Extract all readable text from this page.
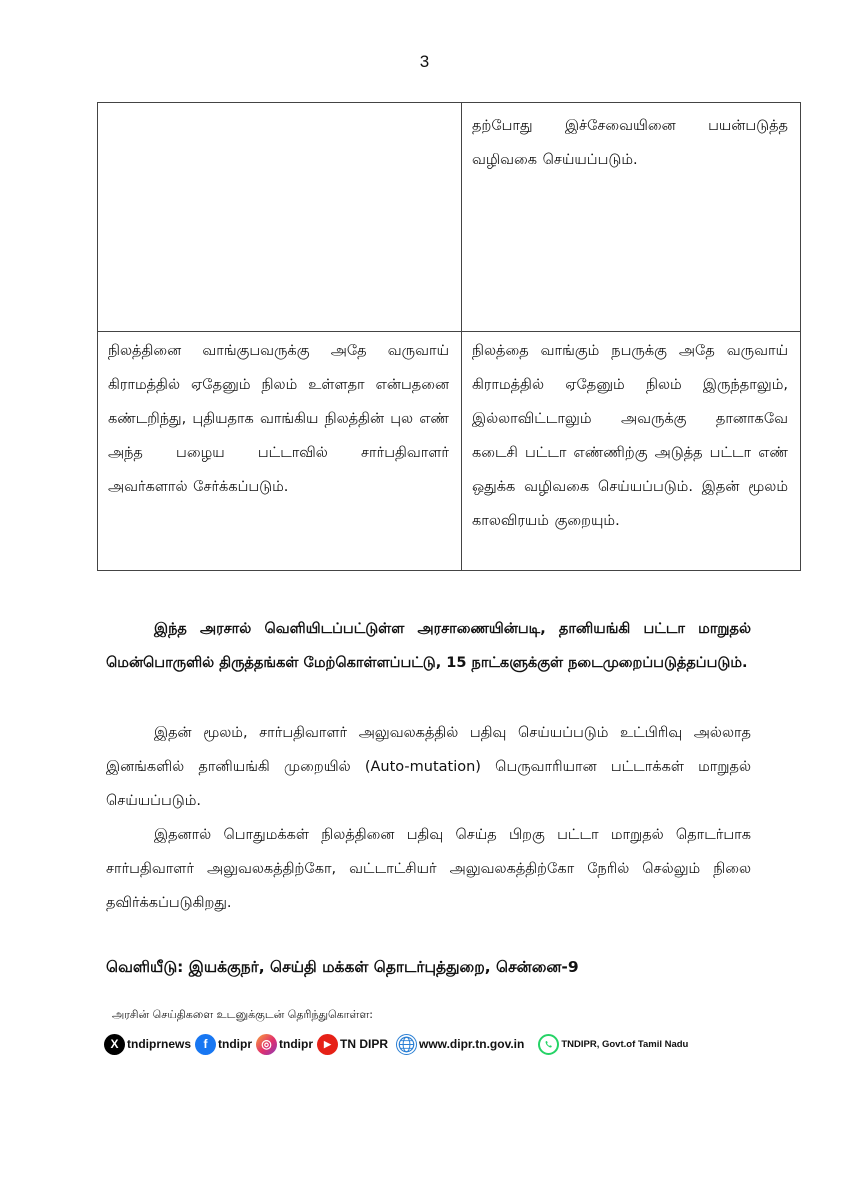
3
	தற்போது இச்சேவையினை பயன்படுத்த வழிவகை செய்யப்படும்.
நிலத்தினை வாங்குபவருக்கு அதே வருவாய் கிராமத்தில் ஏதேனும் நிலம் உள்ளதா என்பதனை கண்டறிந்து, புதியதாக வாங்கிய நிலத்தின் புல எண் அந்த பழைய பட்டாவில் சார்பதிவாளர் அவர்களால் சேர்க்கப்படும்.	நிலத்தை வாங்கும் நபருக்கு அதே வருவாய் கிராமத்தில் ஏதேனும் நிலம் இருந்தாலும், இல்லாவிட்டாலும் அவருக்கு தானாகவே கடைசி பட்டா எண்ணிற்கு அடுத்த பட்டா எண் ஒதுக்க வழிவகை செய்யப்படும். இதன் மூலம் காலவிரயம் குறையும்.
இந்த அரசால் வெளியிடப்பட்டுள்ள அரசாணையின்படி, தானியங்கி பட்டா மாறுதல் மென்பொருளில் திருத்தங்கள் மேற்கொள்ளப்பட்டு, 15 நாட்களுக்குள் நடைமுறைப்படுத்தப்படும்.
இதன் மூலம், சார்பதிவாளர் அலுவலகத்தில் பதிவு செய்யப்படும் உட்பிரிவு அல்லாத இனங்களில் தானியங்கி முறையில் (Auto-mutation) பெருவாரியான பட்டாக்கள் மாறுதல் செய்யப்படும்.
இதனால் பொதுமக்கள் நிலத்தினை பதிவு செய்த பிறகு பட்டா மாறுதல் தொடர்பாக சார்பதிவாளர் அலுவலகத்திற்கோ, வட்டாட்சியர் அலுவலகத்திற்கோ நேரில் செல்லும் நிலை தவிர்க்கப்படுகிறது.
வெளியீடு: இயக்குநர், செய்தி மக்கள் தொடர்புத்துறை, சென்னை-9
அரசின் செய்திகளை உடனுக்குடன் தெரிந்துகொள்ள:
X tndiprnews	f tndipr ◎ tndipr	▶ TN DIPR	www.dipr.tn.gov.in	TNDIPR, Govt.of Tamil Nadu
